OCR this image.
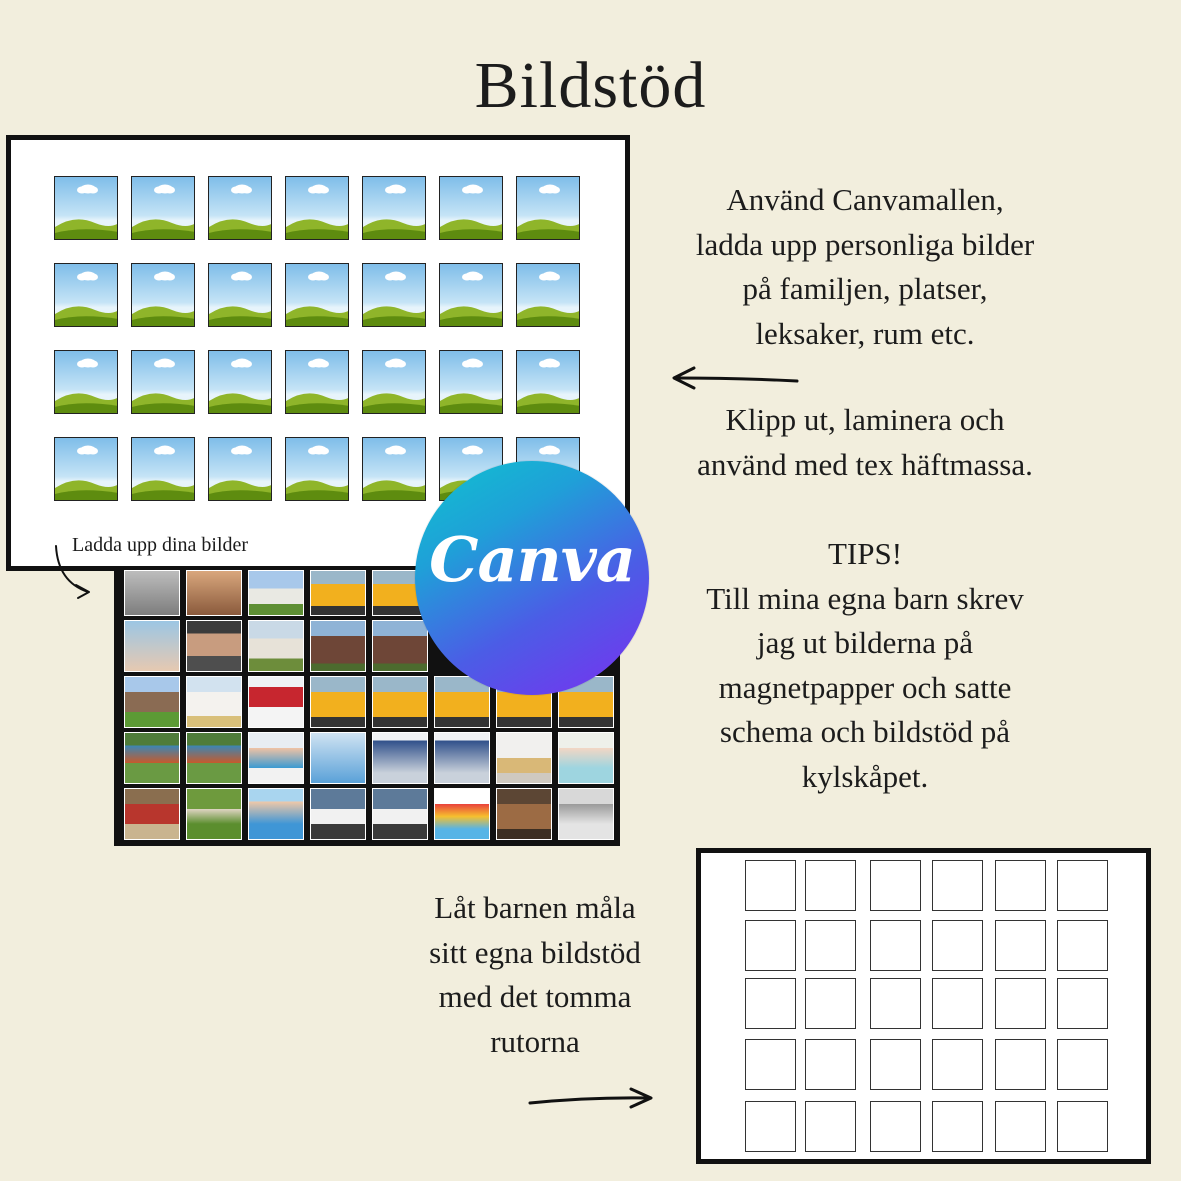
Bildstöd
Ladda upp dina bilder	Canva
Använd Canvamallen,
ladda upp personliga bilder
på familjen, platser,
leksaker, rum etc.
Klipp ut, laminera och
använd med tex häftmassa.
TIPS!
Till mina egna barn skrev
jag ut bilderna på
magnetpapper och satte
schema och bildstöd på
kylskåpet.
Låt barnen måla
sitt egna bildstöd
med det tomma
rutorna
